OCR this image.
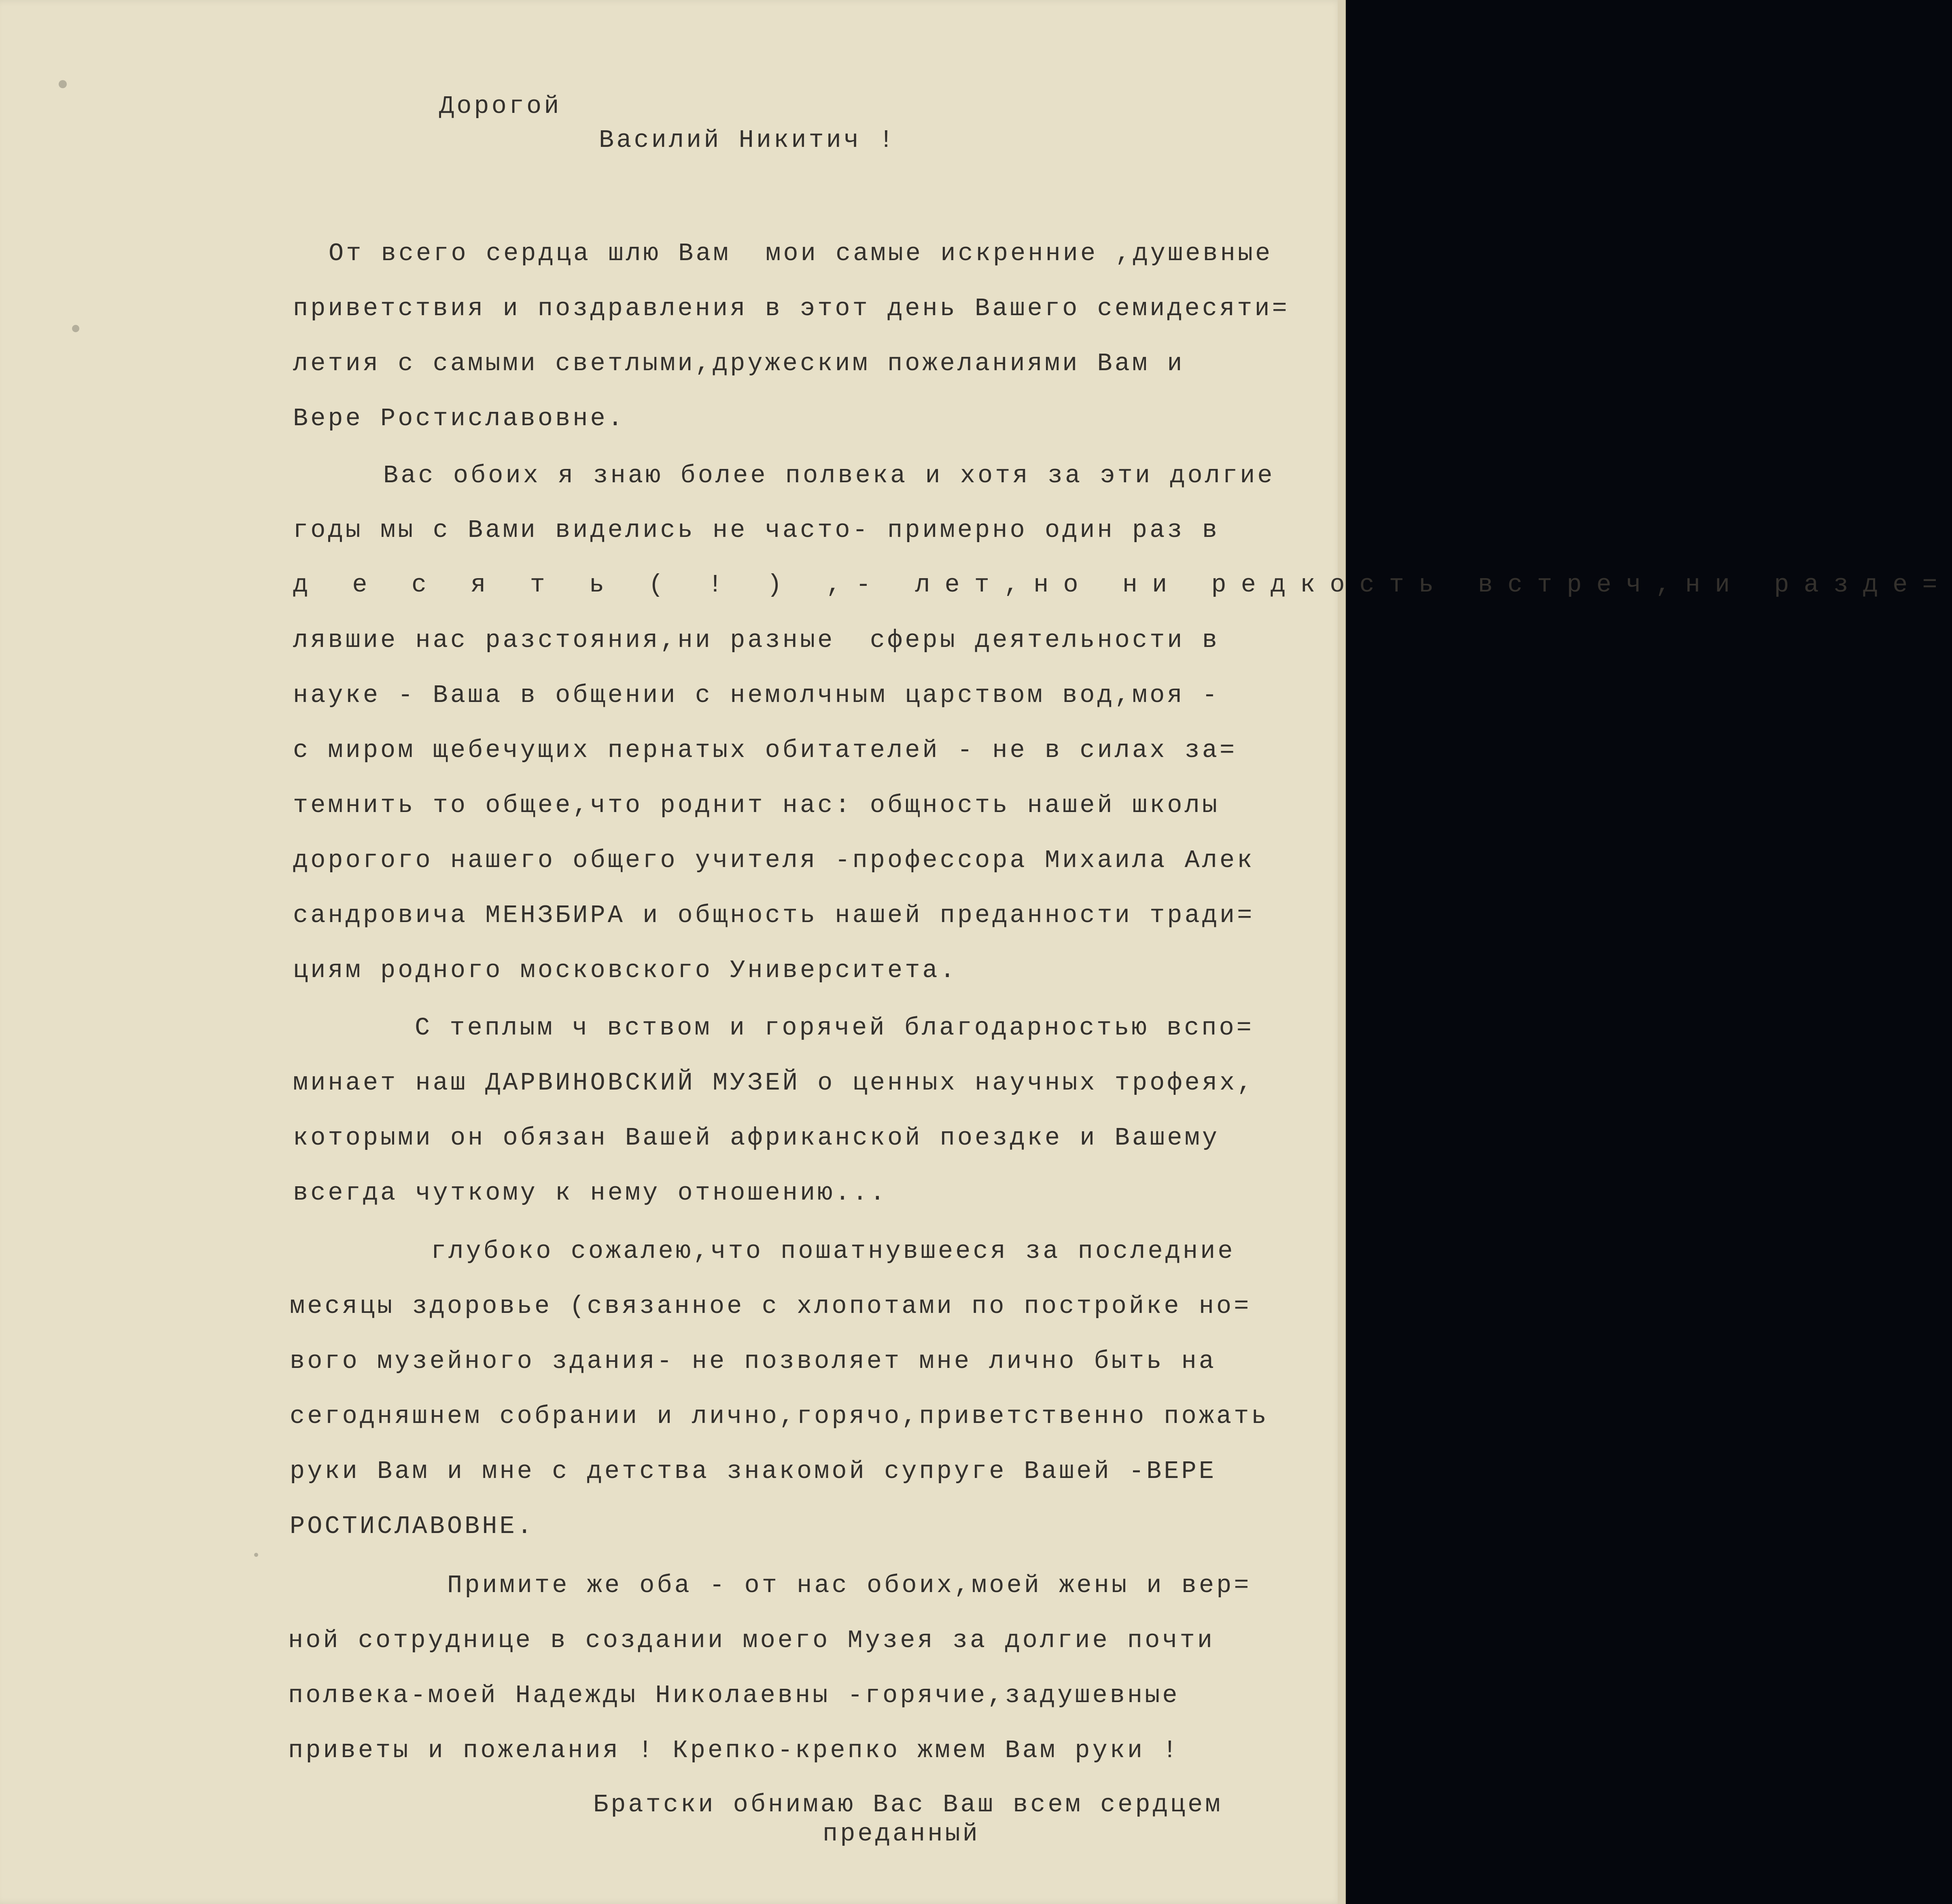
Дорогой
Василий Никитич !
От всего сердца шлю Вам  мои самые искренние ,душевные
приветствия и поздравления в этот день Вашего семидесяти=
летия с самыми светлыми,дружеским пожеланиями Вам и
Вере Ростиславовне.
Вас обоих я знаю более полвека и хотя за эти долгие
годы мы с Вами виделись не часто- примерно один раз в
д е с я т ь ( ! ) ,- лет,но ни редкость встреч,ни разде=
лявшие нас разстояния,ни разные  сферы деятельности в
науке - Ваша в общении с немолчным царством вод,моя -
с миром щебечущих пернатых обитателей - не в силах за=
темнить то общее,что роднит нас: общность нашей школы
дорогого нашего общего учителя -профессора Михаила Алек
сандровича МЕНЗБИРА и общность нашей преданности тради=
циям родного московского Университета.
С теплым ч вством и горячей благодарностью вспо=
минает наш ДАРВИНОВСКИЙ МУЗЕЙ о ценных научных трофеях,
которыми он обязан Вашей африканской поездке и Вашему
всегда чуткому к нему отношению...
глубоко сожалею,что пошатнувшееся за последние
месяцы здоровье (связанное с хлопотами по постройке но=
вого музейного здания- не позволяет мне лично быть на
сегодняшнем собрании и лично,горячо,приветственно пожать
руки Вам и мне с детства знакомой супруге Вашей -ВЕРЕ
РОСТИСЛАВОВНЕ.
Примите же оба - от нас обоих,моей жены и вер=
ной сотруднице в создании моего Музея за долгие почти
полвека-моей Надежды Николаевны -горячие,задушевные
приветы и пожелания ! Крепко-крепко жмем Вам руки !
Братски обнимаю Вас Ваш всем сердцем
преданный
